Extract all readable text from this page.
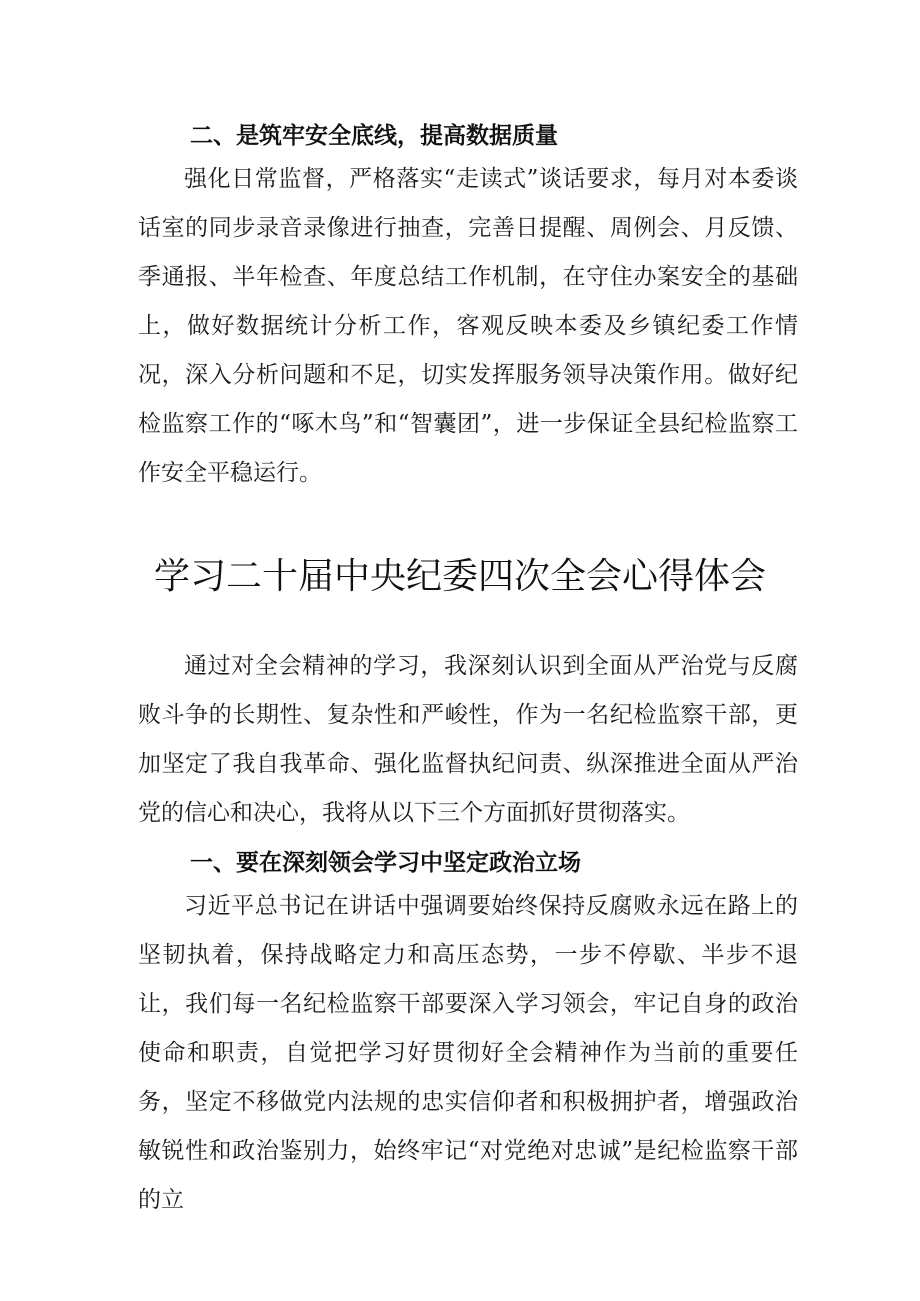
二、是筑牢安全底线，提高数据质量

强化日常监督，严格落实“走读式”谈话要求，每月对本委谈话室的同步录音录像进行抽查，完善日提醒、周例会、月反馈、季通报、半年检查、年度总结工作机制，在守住办案安全的基础上，做好数据统计分析工作，客观反映本委及乡镇纪委工作情况，深入分析问题和不足，切实发挥服务领导决策作用。做好纪检监察工作的“啄木鸟”和“智囊团”，进一步保证全县纪检监察工作安全平稳运行。

学习二十届中央纪委四次全会心得体会

通过对全会精神的学习，我深刻认识到全面从严治党与反腐败斗争的长期性、复杂性和严峻性，作为一名纪检监察干部，更加坚定了我自我革命、强化监督执纪问责、纵深推进全面从严治党的信心和决心，我将从以下三个方面抓好贯彻落实。

一、要在深刻领会学习中坚定政治立场

习近平总书记在讲话中强调要始终保持反腐败永远在路上的坚韧执着，保持战略定力和高压态势，一步不停歇、半步不退让，我们每一名纪检监察干部要深入学习领会，牢记自身的政治使命和职责，自觉把学习好贯彻好全会精神作为当前的重要任务，坚定不移做党内法规的忠实信仰者和积极拥护者，增强政治敏锐性和政治鉴别力，始终牢记“对党绝对忠诚”是纪检监察干部的立
